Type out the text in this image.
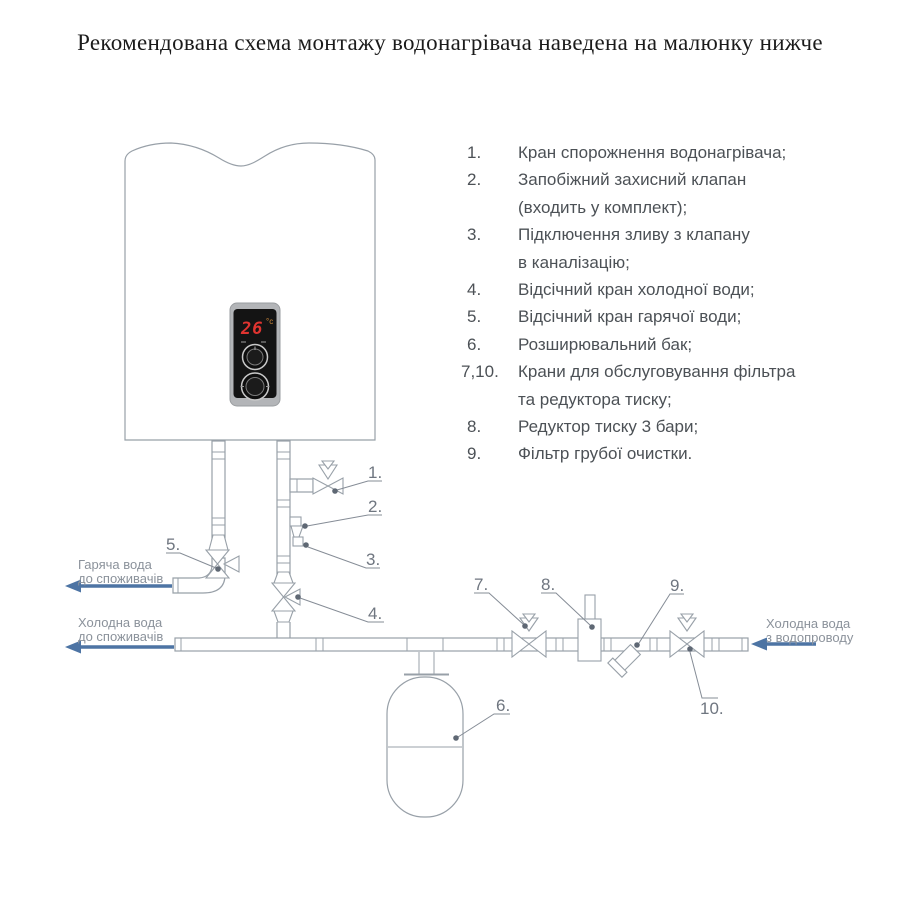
Рекомендована схема монтажу водонагрівача наведена на малюнку нижче
1.	Кран спорожнення водонагрівача;
2.	Запобіжний захисний клапан
(входить у комплект);
3.	Підключення зливу з клапану
в каналізацію;
4.	Відсічний кран холодної води;
5.	Відсічний кран гарячої води;
6.	Розширювальний бак;
7,10.	Крани для обслуговування фільтра
та редуктора тиску;
8.	Редуктор тиску 3 бари;
9.	Фільтр грубої очистки.
26 °c
Гаряча вода
до споживачів
Холодна вода
до споживачів
Холодна вода
з водопроводу
1.
2.
3.
4.
5.
6.
7.	8.	9.
10.
